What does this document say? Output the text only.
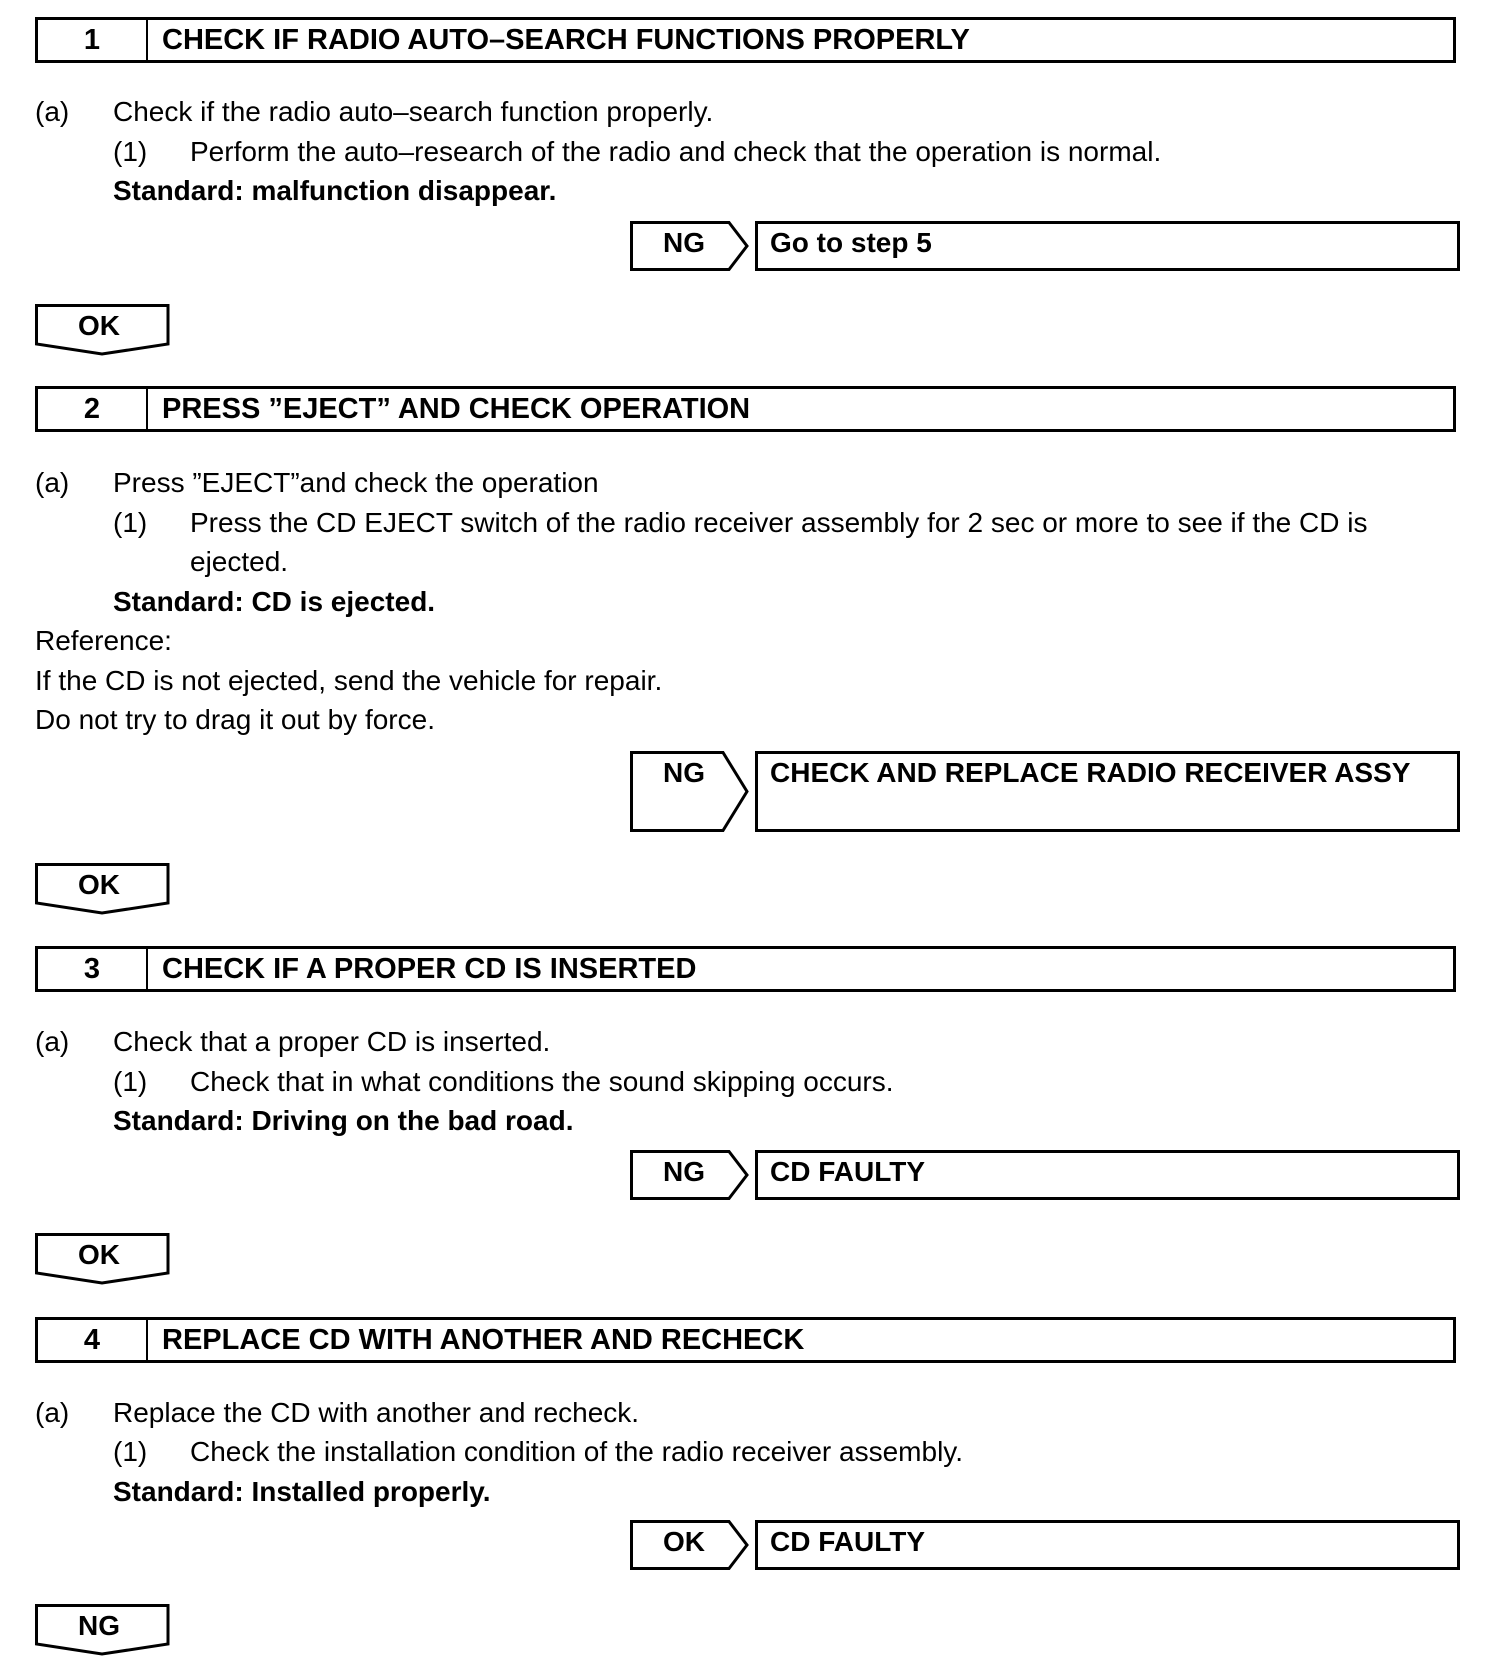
1	CHECK IF RADIO AUTO–SEARCH FUNCTIONS PROPERLY
(a) Check if the radio auto–search function properly.
(1) Perform the auto–research of the radio and check that the operation is normal.
Standard: malfunction disappear.
NG	Go to step 5
OK
2	PRESS ”EJECT” AND CHECK OPERATION
(a) Press ”EJECT”and check the operation
(1) Press the CD EJECT switch of the radio receiver assembly for 2 sec or more to see if the CD is
ejected.
Standard: CD is ejected.
Reference:
If the CD is not ejected, send the vehicle for repair.
Do not try to drag it out by force.
NG	CHECK AND REPLACE RADIO RECEIVER ASSY
OK
3	CHECK IF A PROPER CD IS INSERTED
(a) Check that a proper CD is inserted.
(1) Check that in what conditions the sound skipping occurs.
Standard: Driving on the bad road.
NG	CD FAULTY
OK
4	REPLACE CD WITH ANOTHER AND RECHECK
(a) Replace the CD with another and recheck.
(1) Check the installation condition of the radio receiver assembly.
Standard: Installed properly.
OK	CD FAULTY
NG
